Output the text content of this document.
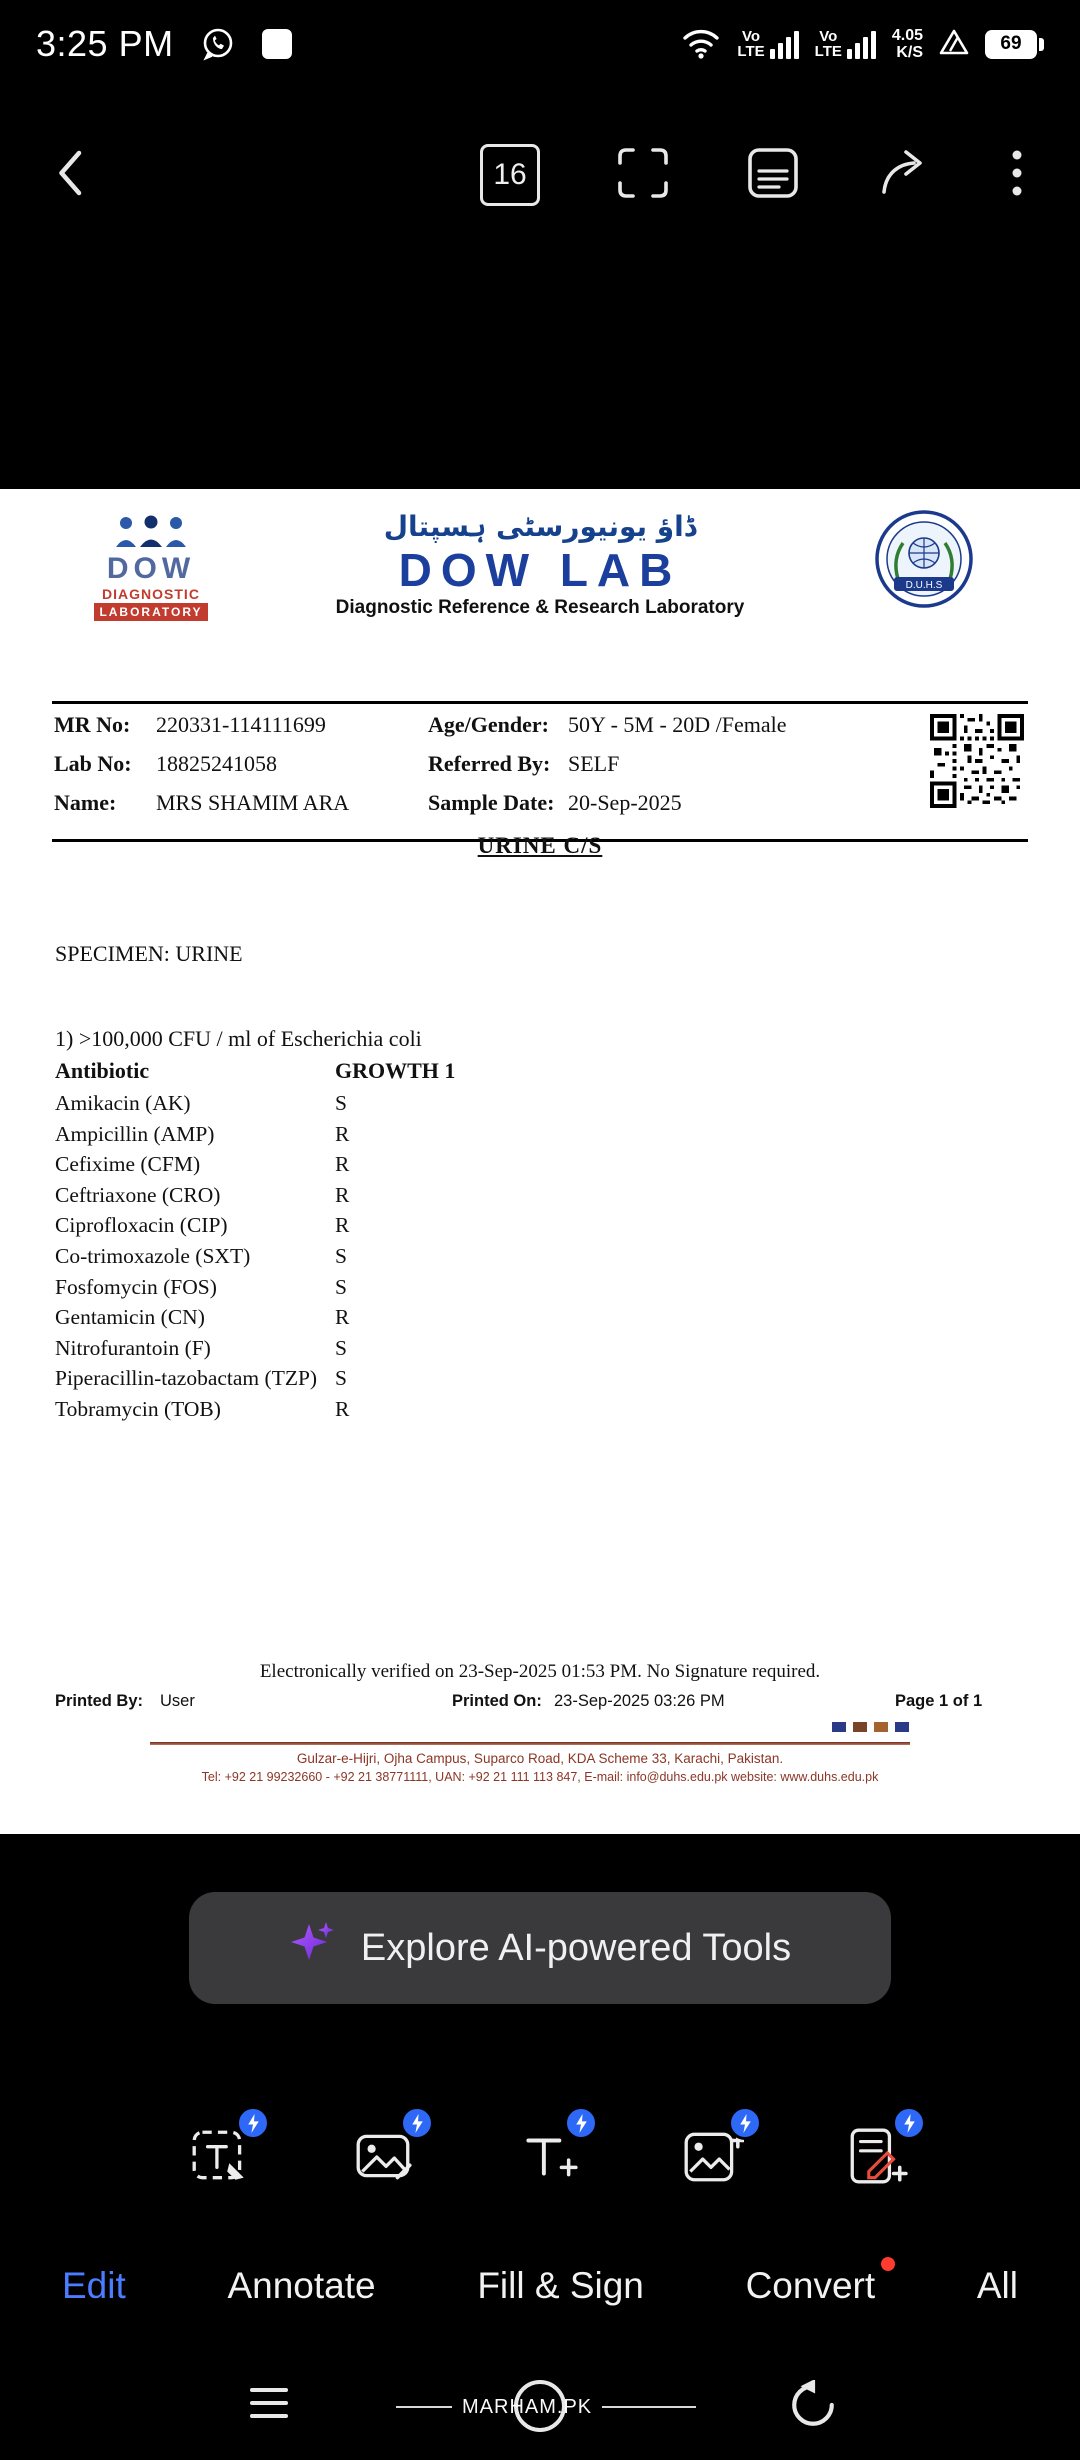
3:25 PM	Vo
LTE
Vo
LTE
4.05
K/S	69
16
DOW
DIAGNOSTIC
LABORATORY
ڈاؤ یونیورسٹی ہسپتال
DOW LAB
Diagnostic Reference & Research Laboratory
D.U.H.S
MR No: 220331-114111699	Age/Gender: 50Y - 5M - 20D /Female
Lab No: 18825241058	Referred By: SELF
Name: MRS SHAMIM ARA	Sample Date: 20-Sep-2025
URINE C/S
SPECIMEN: URINE
1) >100,000 CFU / ml of Escherichia coli
Antibiotic	GROWTH 1
Amikacin (AK)	S
Ampicillin (AMP)	R
Cefixime (CFM)	R
Ceftriaxone (CRO)	R
Ciprofloxacin (CIP)	R
Co-trimoxazole (SXT)	S
Fosfomycin (FOS)	S
Gentamicin (CN)	R
Nitrofurantoin (F)	S
Piperacillin-tazobactam (TZP) S
Tobramycin (TOB)	R
Electronically verified on 23-Sep-2025 01:53 PM. No Signature required.
Printed By: User	Printed On: 23-Sep-2025 03:26 PM	Page 1 of 1
Gulzar-e-Hijri, Ojha Campus, Suparco Road, KDA Scheme 33, Karachi, Pakistan.
Tel: +92 21 99232660 - +92 21 38771111, UAN: +92 21 111 113 847, E-mail: info@duhs.edu.pk website: www.duhs.edu.pk
Explore AI-powered Tools
Edit	Annotate	Fill & Sign	Convert	All
MARHAM.PK
